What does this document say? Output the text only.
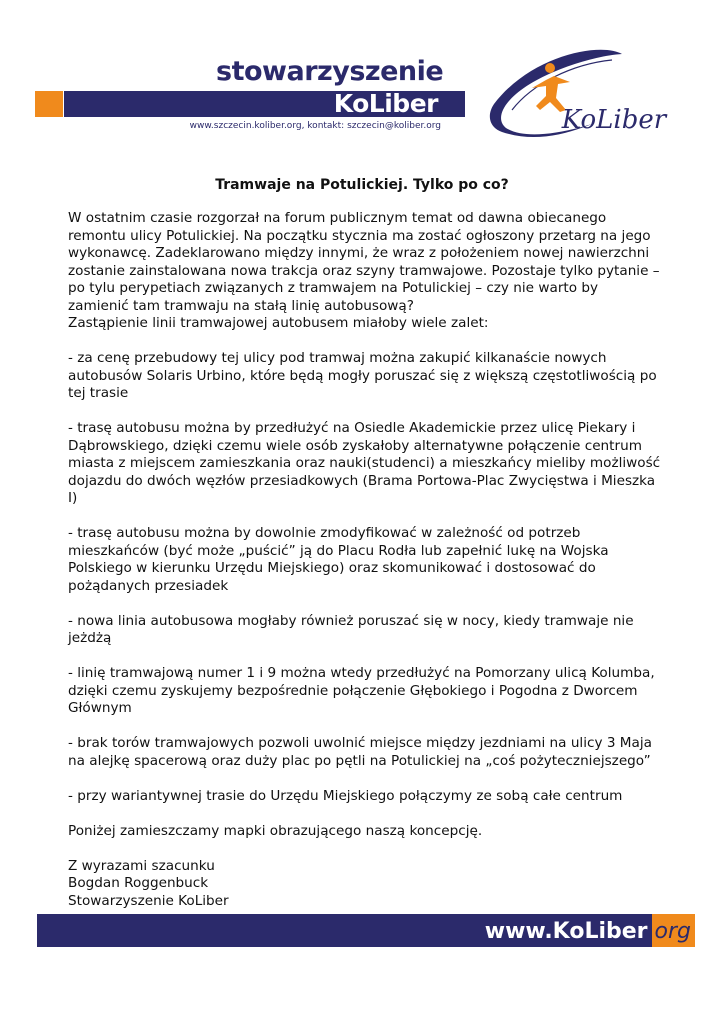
stowarzyszenie
KoLiber
www.szczecin.koliber.org, kontakt: szczecin@koliber.org	KoLiber
Tramwaje na Potulickiej. Tylko po co?

W ostatnim czasie rozgorzał na forum publicznym temat od dawna obiecanego remontu ulicy Potulickiej. Na początku stycznia ma zostać ogłoszony przetarg na jego wykonawcę. Zadeklarowano między innymi, że wraz z położeniem nowej nawierzchni zostanie zainstalowana nowa trakcja oraz szyny tramwajowe. Pozostaje tylko pytanie – po tylu perypetiach związanych z tramwajem na Potulickiej – czy nie warto by zamienić tam tramwaju na stałą linię autobusową?

Zastąpienie linii tramwajowej autobusem miałoby wiele zalet:

- za cenę przebudowy tej ulicy pod tramwaj można zakupić kilkanaście nowych autobusów Solaris Urbino, które będą mogły poruszać się z większą częstotliwością po tej trasie

- trasę autobusu można by przedłużyć na Osiedle Akademickie przez ulicę Piekary i Dąbrowskiego, dzięki czemu wiele osób zyskałoby alternatywne połączenie centrum miasta z miejscem zamieszkania oraz nauki(studenci) a mieszkańcy mieliby możliwość dojazdu do dwóch węzłów przesiadkowych (Brama Portowa-Plac Zwycięstwa i Mieszka I)

- trasę autobusu można by dowolnie zmodyfikować w zależność od potrzeb mieszkańców (być może „puścić” ją do Placu Rodła lub zapełnić lukę na Wojska Polskiego w kierunku Urzędu Miejskiego) oraz skomunikować i dostosować do pożądanych przesiadek

- nowa linia autobusowa mogłaby również poruszać się w nocy, kiedy tramwaje nie jeżdżą

- linię tramwajową numer 1 i 9 można wtedy przedłużyć na Pomorzany ulicą Kolumba, dzięki czemu zyskujemy bezpośrednie połączenie Głębokiego i Pogodna z Dworcem Głównym

- brak torów tramwajowych pozwoli uwolnić miejsce między jezdniami na ulicy 3 Maja na alejkę spacerową oraz duży plac po pętli na Potulickiej na „coś pożyteczniejszego”

- przy wariantywnej trasie do Urzędu Miejskiego połączymy ze sobą całe centrum

Poniżej zamieszczamy mapki obrazującego naszą koncepcję.

Z wyrazami szacunku

Bogdan Roggenbuck

Stowarzyszenie KoLiber

www.KoLiber.org
